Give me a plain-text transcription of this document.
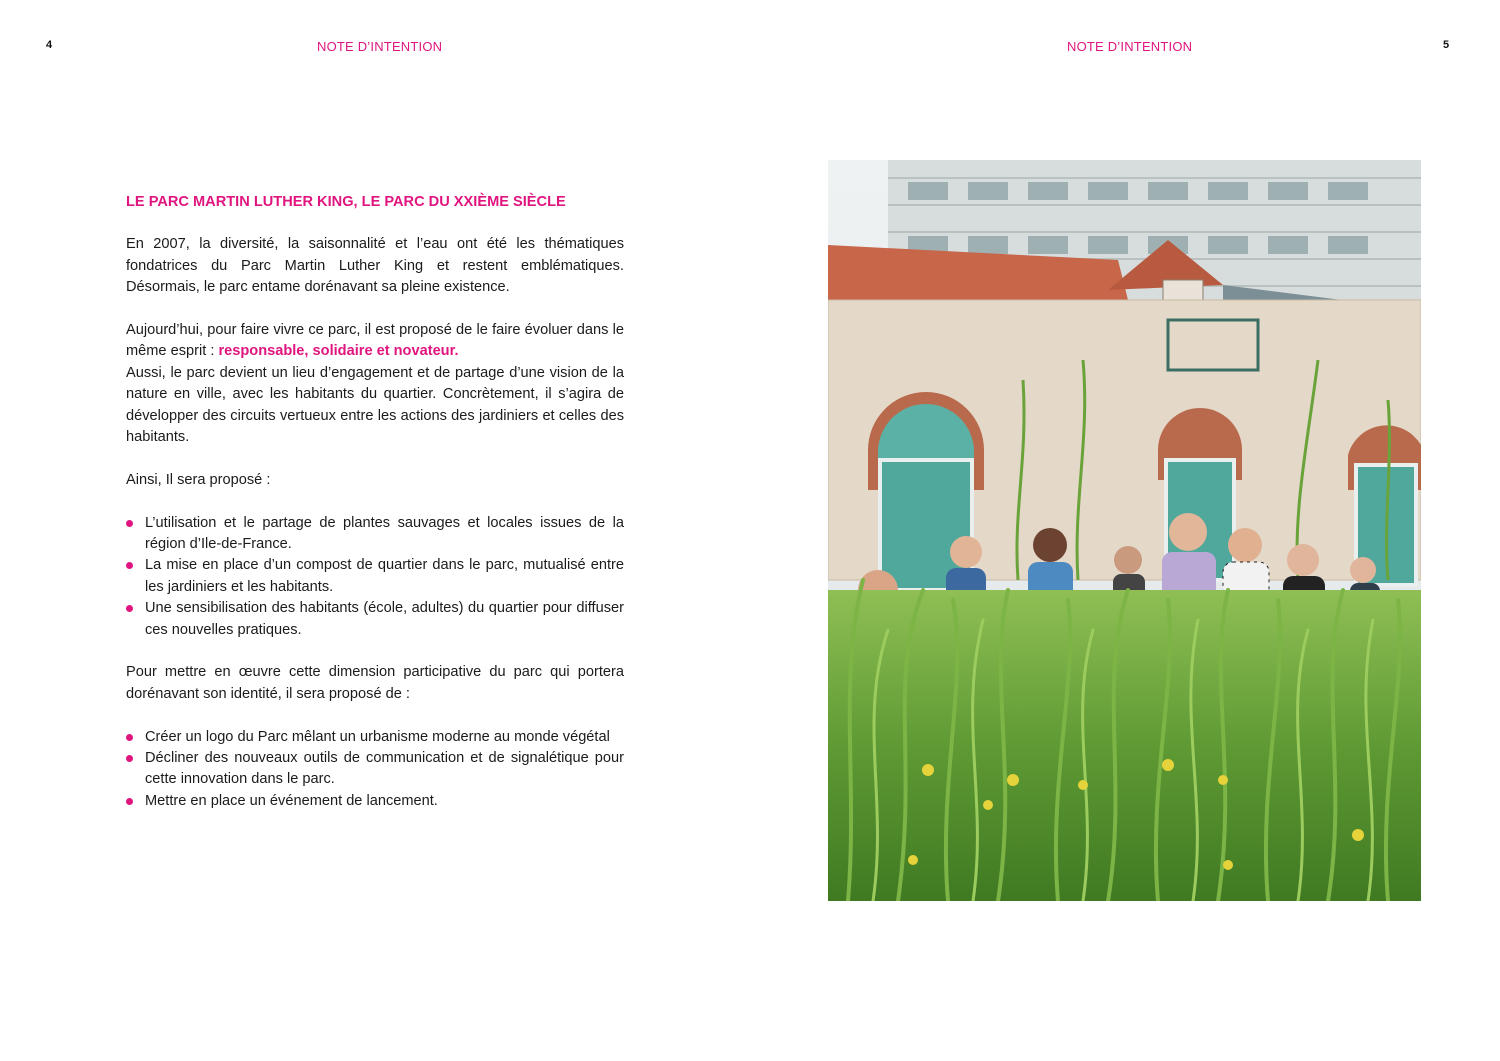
4	NOTE D’INTENTION	NOTE D’INTENTION	5
LE PARC MARTIN LUTHER KING, LE PARC DU XXIÈME SIÈCLE

En 2007, la diversité, la saisonnalité et l’eau ont été les thématiques fondatrices du Parc Martin Luther King et restent emblématiques. Désormais, le parc entame dorénavant sa pleine existence.

Aujourd’hui, pour faire vivre ce parc, il est proposé de le faire évoluer dans le même esprit : responsable, solidaire et novateur.

Aussi, le parc devient un lieu d’engagement et de partage d’une vision de la nature en ville, avec les habitants du quartier. Concrètement, il s’agira de développer des circuits vertueux entre les actions des jardiniers et celles des habitants.

Ainsi, Il sera proposé :

L’utilisation et le partage de plantes sauvages et locales issues de la région d’Ile-de-France.
La mise en place d’un compost de quartier dans le parc, mutualisé entre les jardiniers et les habitants.
Une sensibilisation des habitants (école, adultes) du quartier pour diffuser ces nouvelles pratiques.

Pour mettre en œuvre cette dimension participative du parc qui portera dorénavant son identité, il sera proposé de :

Créer un logo du Parc mêlant un urbanisme moderne au monde végétal
Décliner des nouveaux outils de communication et de signalétique pour cette innovation dans le parc.
Mettre en place un événement de lancement.
